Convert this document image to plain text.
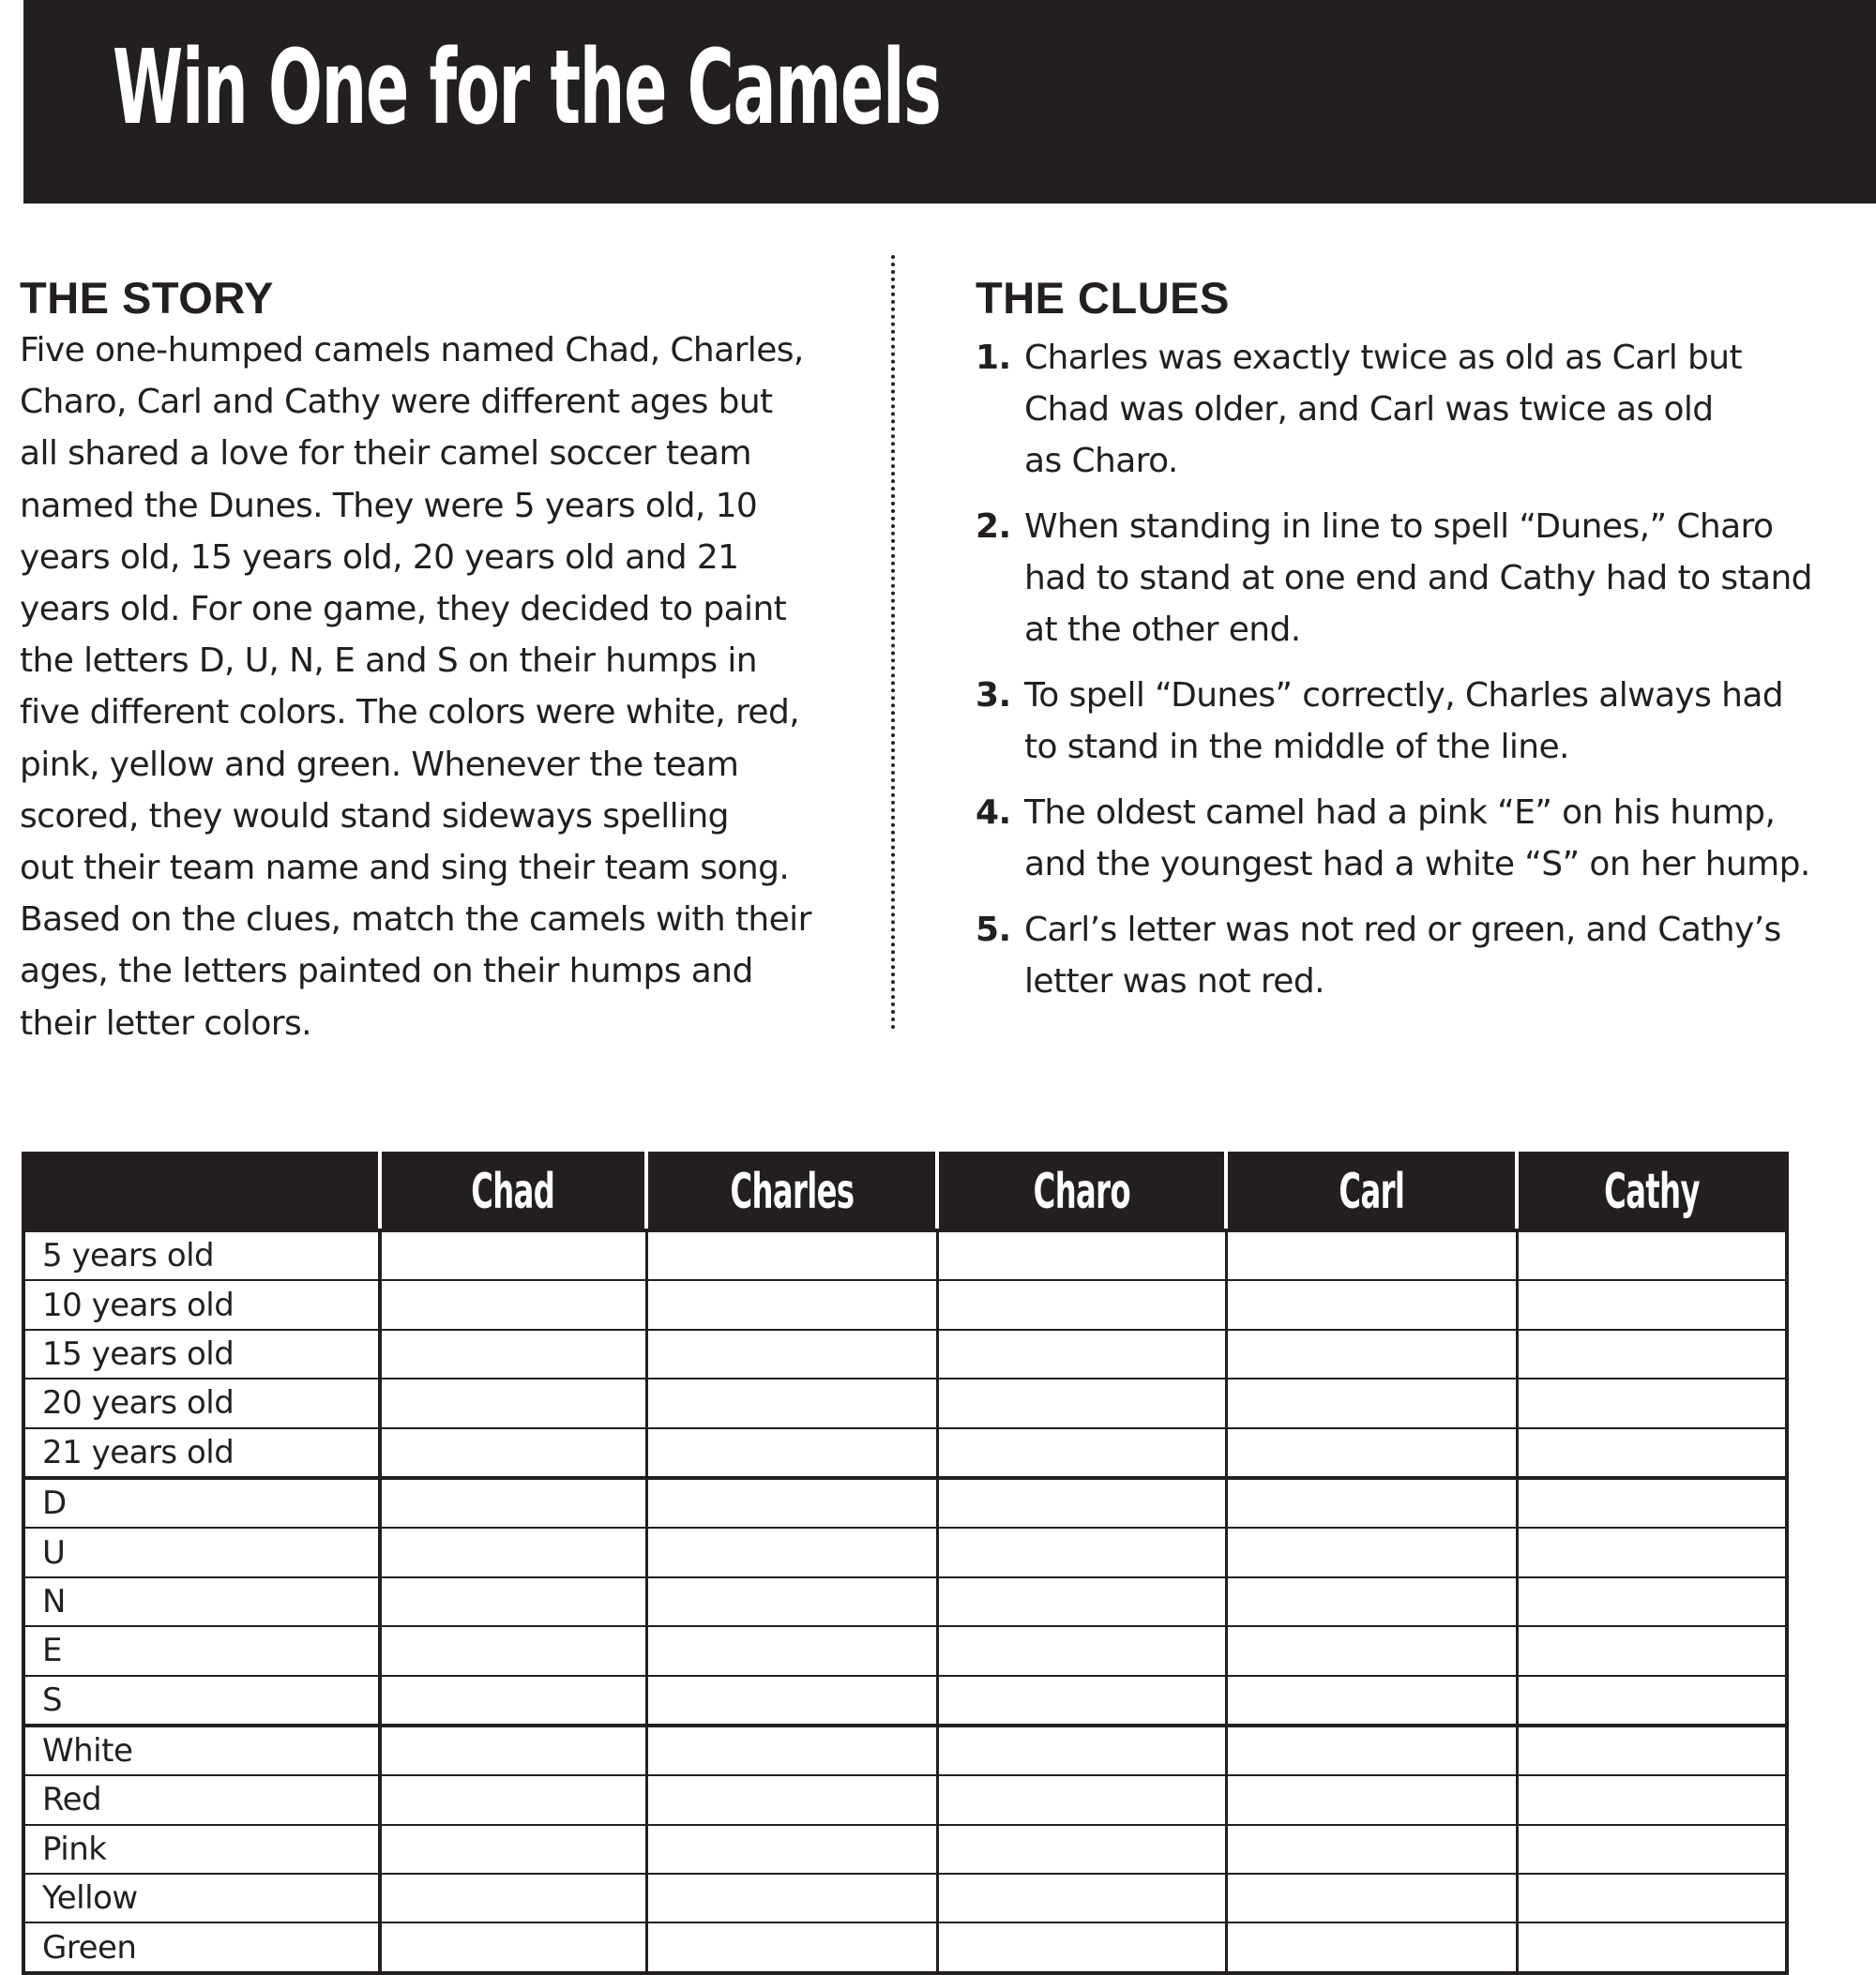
Win One for the Camels
THE STORY
Five one-humped camels named Chad, Charles,
Charo, Carl and Cathy were different ages but
all shared a love for their camel soccer team
named the Dunes. They were 5 years old, 10
years old, 15 years old, 20 years old and 21
years old. For one game, they decided to paint
the letters D, U, N, E and S on their humps in
five different colors. The colors were white, red,
pink, yellow and green. Whenever the team
scored, they would stand sideways spelling
out their team name and sing their team song.
Based on the clues, match the camels with their
ages, the letters painted on their humps and
their letter colors.
THE CLUES
1. Charles was exactly twice as old as Carl but
Chad was older, and Carl was twice as old
as Charo.
2. When standing in line to spell “Dunes,” Charo
had to stand at one end and Cathy had to stand
at the other end.
3. To spell “Dunes” correctly, Charles always had
to stand in the middle of the line.
4. The oldest camel had a pink “E” on his hump,
and the youngest had a white “S” on her hump.
5. Carl’s letter was not red or green, and Cathy’s
letter was not red.
	Chad	Charles	Charo	Carl	Cathy
5 years old					
10 years old					
15 years old					
20 years old					
21 years old					
D					
U					
N					
E					
S					
White					
Red					
Pink					
Yellow					
Green					
